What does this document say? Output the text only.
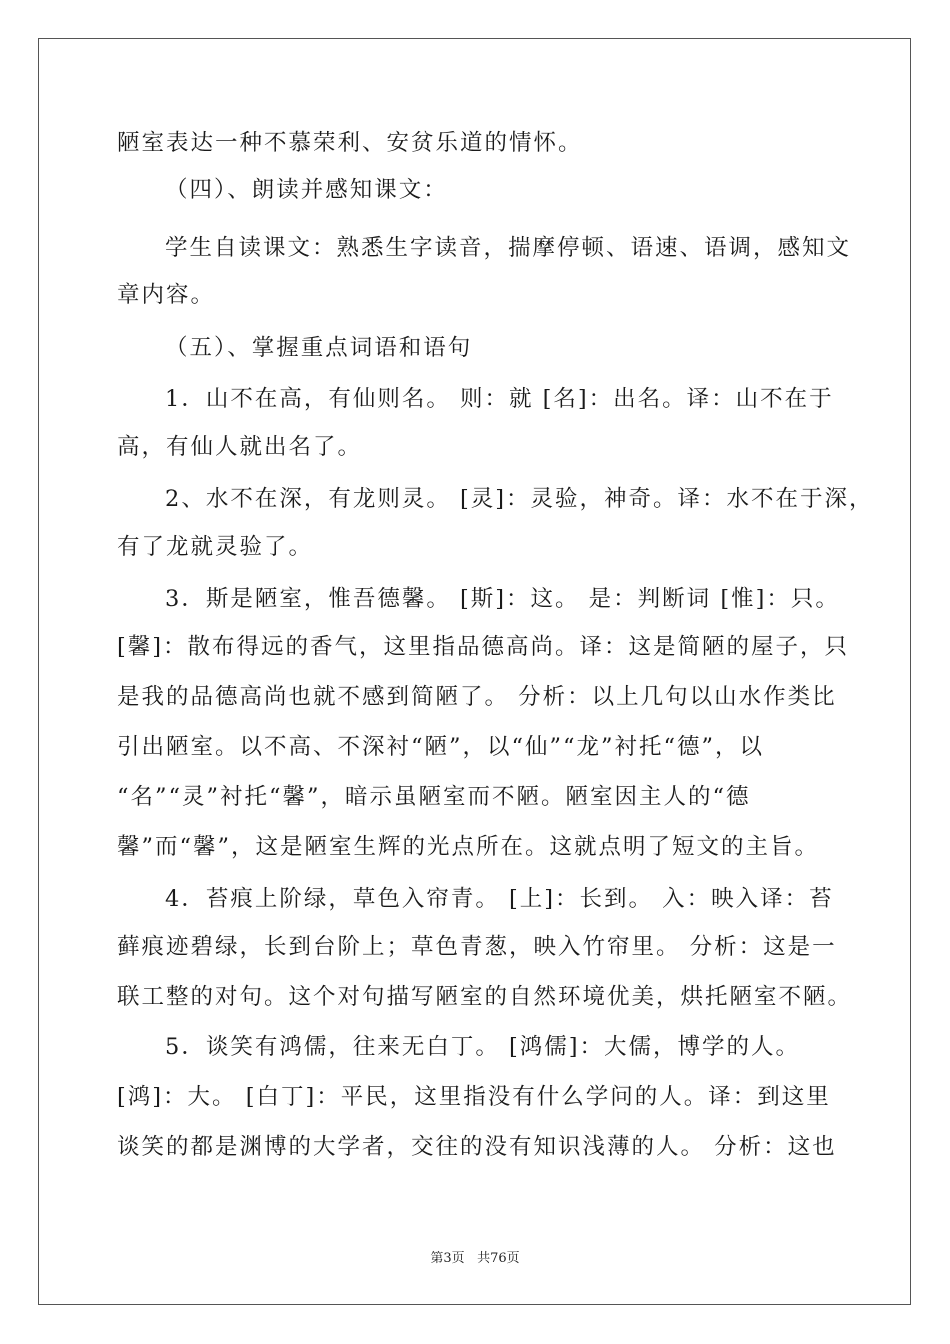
陋室表达一种不慕荣利、安贫乐道的情怀。
（四）、朗读并感知课文：
学生自读课文：熟悉生字读音，揣摩停顿、语速、语调，感知文
章内容。
（五）、掌握重点词语和语句
1．山不在高，有仙则名。 则：就 [名]：出名。译：山不在于
高，有仙人就出名了。
2、水不在深，有龙则灵。 [灵]：灵验，神奇。译：水不在于深，
有了龙就灵验了。
3．斯是陋室，惟吾德馨。 [斯]：这。 是：判断词 [惟]：只。
[馨]：散布得远的香气，这里指品德高尚。译：这是简陋的屋子，只
是我的品德高尚也就不感到简陋了。 分析：以上几句以山水作类比
引出陋室。以不高、不深衬“陋”，以“仙”“龙”衬托“德”，以
“名”“灵”衬托“馨”，暗示虽陋室而不陋。陋室因主人的“德
馨”而“馨”，这是陋室生辉的光点所在。这就点明了短文的主旨。
4．苔痕上阶绿，草色入帘青。 [上]：长到。 入：映入译：苔
藓痕迹碧绿，长到台阶上；草色青葱，映入竹帘里。 分析：这是一
联工整的对句。这个对句描写陋室的自然环境优美，烘托陋室不陋。
5．谈笑有鸿儒，往来无白丁。 [鸿儒]：大儒，博学的人。
[鸿]：大。 [白丁]：平民，这里指没有什么学问的人。译：到这里
谈笑的都是渊博的大学者，交往的没有知识浅薄的人。 分析：这也
第3页 共76页
